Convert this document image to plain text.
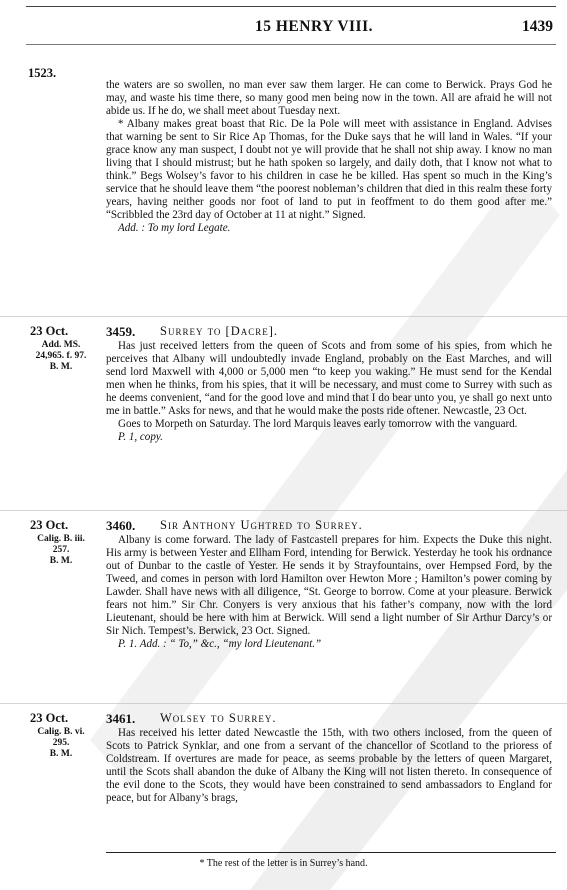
15 HENRY VIII.	1439
1523.

the waters are so swollen, no man ever saw them larger. He can come to Berwick. Prays God he may, and waste his time there, so many good men being now in the town. All are afraid he will not abide us. If he do, we shall meet about Tuesday next.

* Albany makes great boast that Ric. De la Pole will meet with assistance in England. Advises that warning be sent to Sir Rice Ap Thomas, for the Duke says that he will land in Wales. “If your grace know any man suspect, I doubt not ye will provide that he shall not ship away. I know no man living that I should mistrust; but he hath spoken so largely, and daily doth, that I know not what to think.” Begs Wolsey’s favor to his children in case he be killed. Has spent so much in the King’s service that he should leave them “the poorest nobleman’s children that died in this realm these forty years, having neither goods nor foot of land to put in feoffment to do them good after me.” “Scribbled the 23rd day of October at 11 at night.” Signed.

Add. : To my lord Legate.

23 Oct.	3459. Surrey to [Dacre].
Add. MS.
24,965. f. 97.
B. M.

Has just received letters from the queen of Scots and from some of his spies, from which he perceives that Albany will undoubtedly invade England, probably on the East Marches, and will send lord Maxwell with 4,000 or 5,000 men “to keep you waking.” He must send for the Kendal men when he thinks, from his spies, that it will be necessary, and must come to Surrey with such as he deems convenient, “and for the good love and mind that I do bear unto you, ye shall go next unto me in battle.” Asks for news, and that he would make the posts ride oftener. Newcastle, 23 Oct.

Goes to Morpeth on Saturday. The lord Marquis leaves early tomorrow with the vanguard.

P. 1, copy.

23 Oct.	3460. Sir Anthony Ughtred to Surrey.
Calig. B. iii.
257.
B. M.

Albany is come forward. The lady of Fastcastell prepares for him. Expects the Duke this night. His army is between Yester and Ellham Ford, intending for Berwick. Yesterday he took his ordnance out of Dunbar to the castle of Yester. He sends it by Strayfountains, over Hempsed Ford, by the Tweed, and comes in person with lord Hamilton over Hewton More ; Hamilton’s power coming by Lawder. Shall have news with all diligence, “St. George to borrow. Come at your pleasure. Berwick fears not him.” Sir Chr. Conyers is very anxious that his father’s company, now with the lord Lieutenant, should be here with him at Berwick. Will send a light number of Sir Arthur Darcy’s or Sir Nich. Tempest’s. Berwick, 23 Oct. Signed.

P. 1. Add. : “ To,” &c., “my lord Lieutenant.”

23 Oct.	3461. Wolsey to Surrey.
Calig. B. vi.
295.
B. M.

Has received his letter dated Newcastle the 15th, with two others inclosed, from the queen of Scots to Patrick Synklar, and one from a servant of the chancellor of Scotland to the prioress of Coldstream. If overtures are made for peace, as seems probable by the letters of queen Margaret, until the Scots shall abandon the duke of Albany the King will not listen thereto. In consequence of the evil done to the Scots, they would have been constrained to send ambassadors to England for peace, but for Albany’s brags,

* The rest of the letter is in Surrey’s hand.
